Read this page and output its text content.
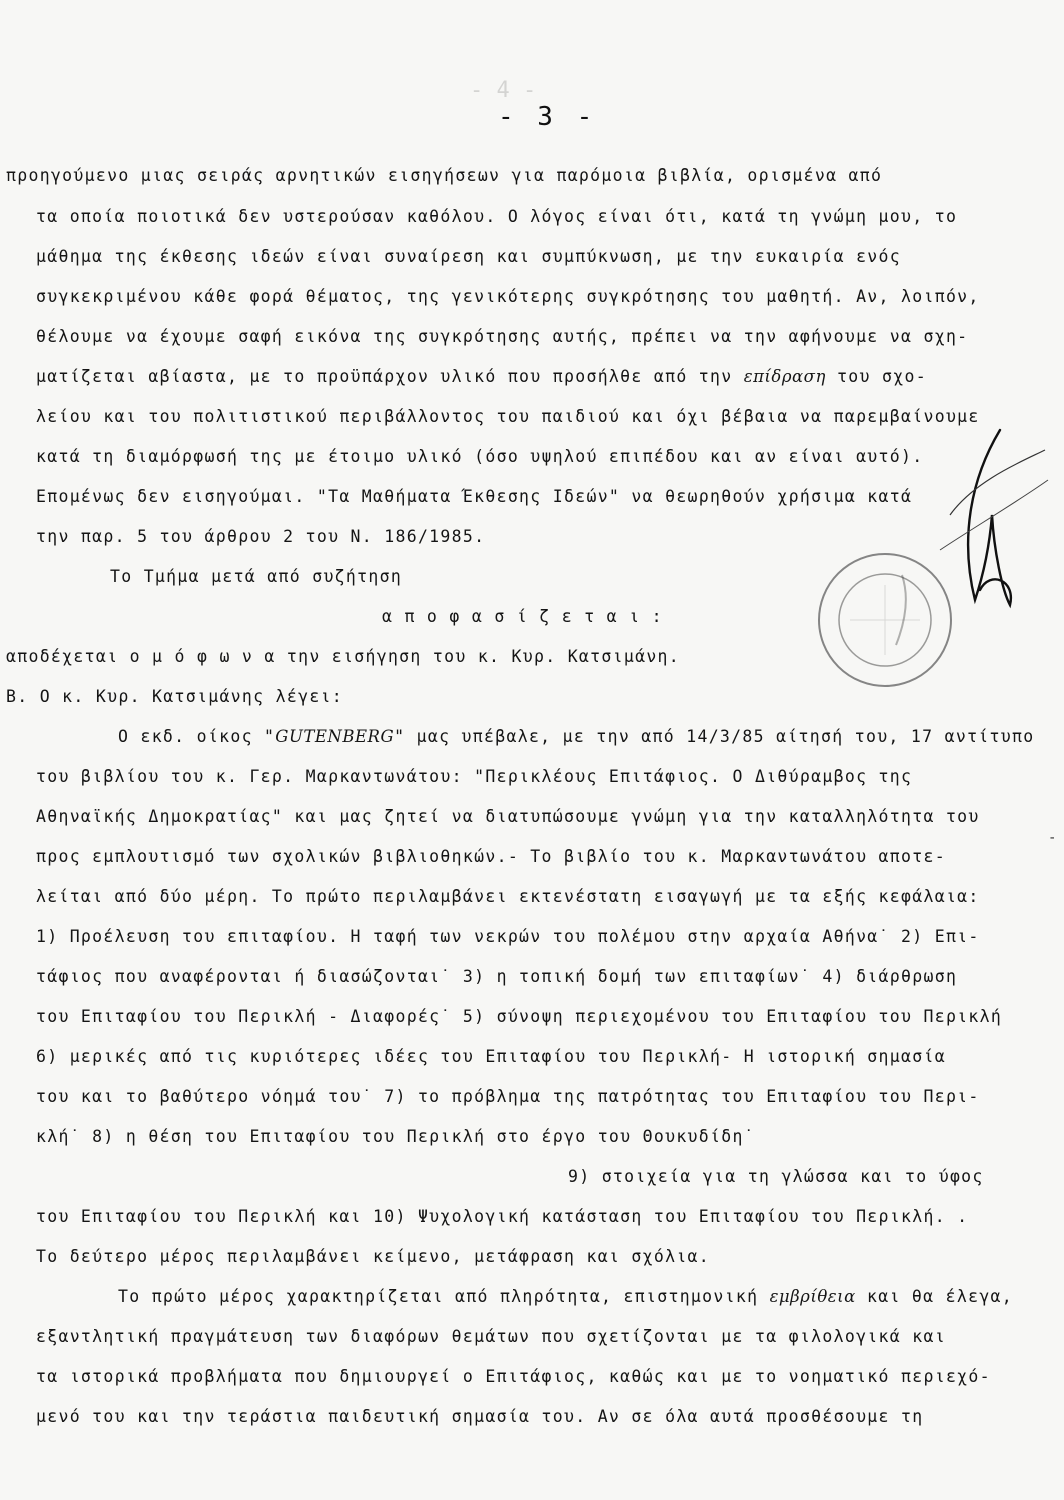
- 4 -
- 3 -
προηγούμενο μιας σειράς αρνητικών εισηγήσεων για παρόμοια βιβλία, ορισμένα από
τα οποία ποιοτικά δεν υστερούσαν καθόλου. Ο λόγος είναι ότι, κατά τη γνώμη μου, το
μάθημα της έκθεσης ιδεών είναι συναίρεση και συμπύκνωση, με την ευκαιρία ενός
συγκεκριμένου κάθε φορά θέματος, της γενικότερης συγκρότησης του μαθητή. Αν, λοιπόν,
θέλουμε να έχουμε σαφή εικόνα της συγκρότησης αυτής, πρέπει να την αφήνουμε να σχη-
ματίζεται αβίαστα, με το προϋπάρχον υλικό που προσήλθε από την επίδραση του σχο-
λείου και του πολιτιστικού περιβάλλοντος του παιδιού και όχι βέβαια να παρεμβαίνουμε
κατά τη διαμόρφωσή της με έτοιμο υλικό (όσο υψηλού επιπέδου και αν είναι αυτό).
Επομένως δεν εισηγούμαι. "Τα Μαθήματα Έκθεσης Ιδεών" να θεωρηθούν χρήσιμα κατά
την παρ. 5 του άρθρου 2 του Ν. 186/1985.
Το Τμήμα μετά από συζήτηση
α π ο φ α σ ί ζ ε τ α ι :
αποδέχεται ο μ ό φ ω ν α την εισήγηση του κ. Κυρ. Κατσιμάνη.
Β. Ο κ. Κυρ. Κατσιμάνης λέγει:
Ο εκδ. οίκος "GUTENBERG" μας υπέβαλε, με την από 14/3/85 αίτησή του, 17 αντίτυπο
του βιβλίου του κ. Γερ. Μαρκαντωνάτου: "Περικλέους Επιτάφιος. Ο Διθύραμβος της
Αθηναϊκής Δημοκρατίας" και μας ζητεί να διατυπώσουμε γνώμη για την καταλληλότητα του
προς εμπλουτισμό των σχολικών βιβλιοθηκών.- Το βιβλίο του κ. Μαρκαντωνάτου αποτε-
λείται από δύο μέρη. Το πρώτο περιλαμβάνει εκτενέστατη εισαγωγή με τα εξής κεφάλαια:
1) Προέλευση του επιταφίου. Η ταφή των νεκρών του πολέμου στην αρχαία Αθήνα˙ 2) Επι-
τάφιος που αναφέρονται ή διασώζονται˙ 3) η τοπική δομή των επιταφίων˙ 4) διάρθρωση
του Επιταφίου του Περικλή - Διαφορές˙ 5) σύνοψη περιεχομένου του Επιταφίου του Περικλή
6) μερικές από τις κυριότερες ιδέες του Επιταφίου του Περικλή- Η ιστορική σημασία
του και το βαθύτερο νόημά του˙ 7) το πρόβλημα της πατρότητας του Επιταφίου του Περι-
κλή˙ 8) η θέση του Επιταφίου του Περικλή στο έργο του Θουκυδίδη˙
9) στοιχεία για τη γλώσσα και το ύφος
του Επιταφίου του Περικλή και 10) Ψυχολογική κατάσταση του Επιταφίου του Περικλή. .
Το δεύτερο μέρος περιλαμβάνει κείμενο, μετάφραση και σχόλια.
Το πρώτο μέρος χαρακτηρίζεται από πληρότητα, επιστημονική εμβρίθεια και θα έλεγα,
εξαντλητική πραγμάτευση των διαφόρων θεμάτων που σχετίζονται με τα φιλολογικά και
τα ιστορικά προβλήματα που δημιουργεί ο Επιτάφιος, καθώς και με το νοηματικό περιεχό-
μενό του και την τεράστια παιδευτική σημασία του. Αν σε όλα αυτά προσθέσουμε τη
-
